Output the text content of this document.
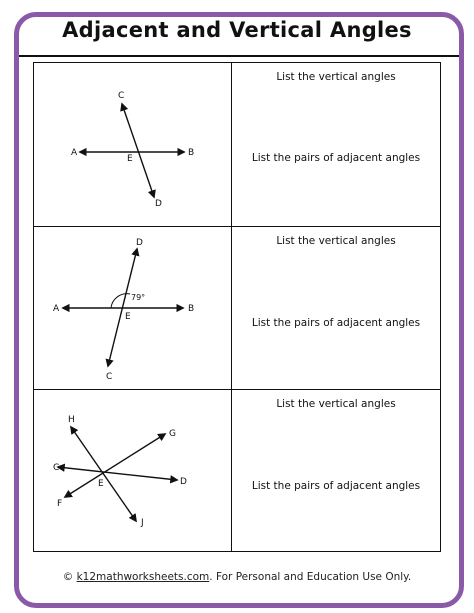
Adjacent and Vertical Angles
A	B
C
D
E
List the vertical angles
List the pairs of adjacent angles
A	B
C
D
E
79°
List the vertical angles
List the pairs of adjacent angles
H
G
C
D
E
F
J
List the vertical angles
List the pairs of adjacent angles
© k12mathworksheets.com. For Personal and Education Use Only.
